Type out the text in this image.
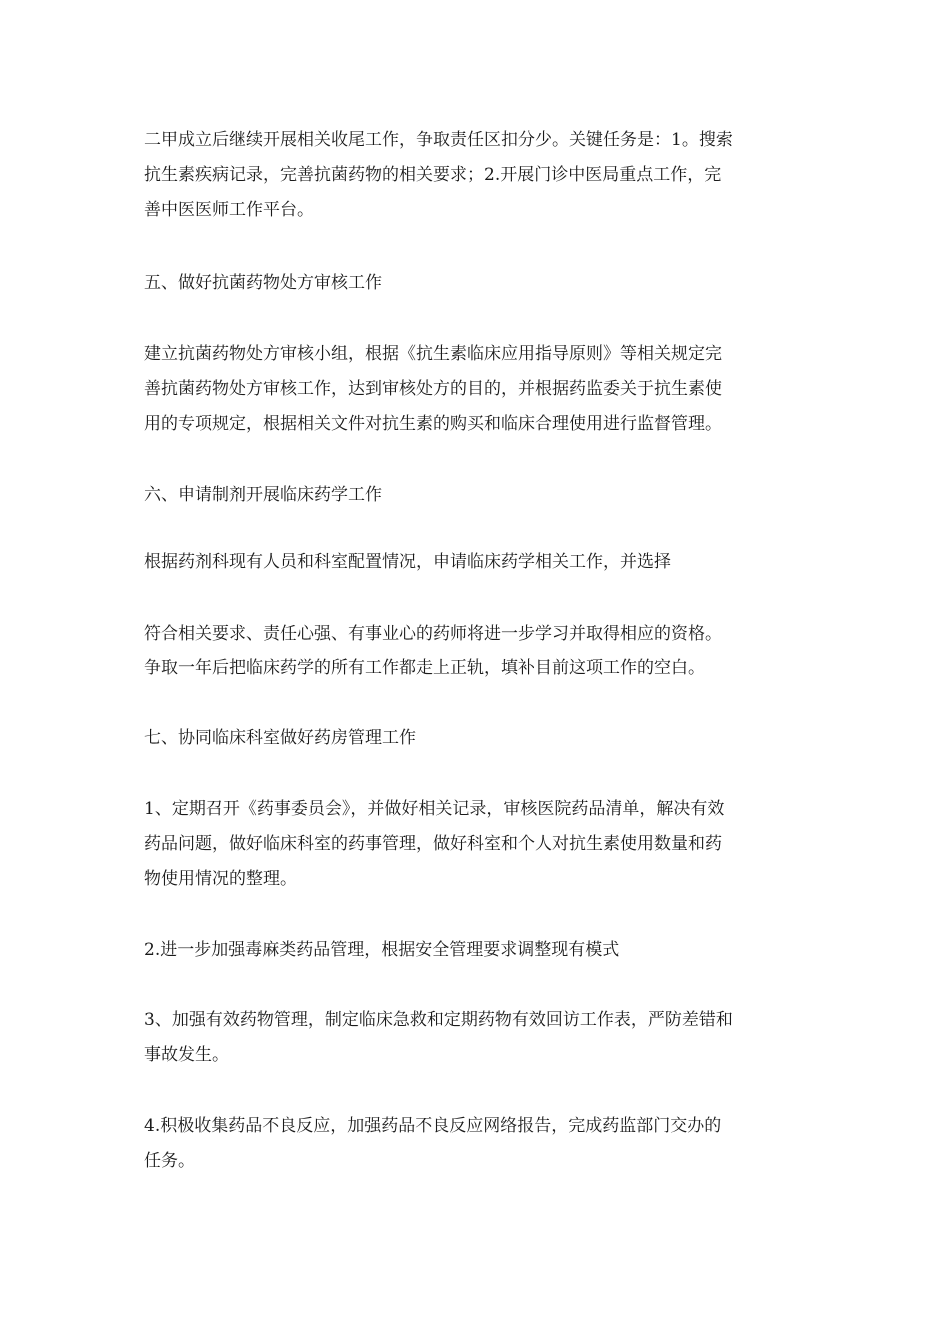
二甲成立后继续开展相关收尾工作，争取责任区扣分少。关键任务是：1。搜索
抗生素疾病记录，完善抗菌药物的相关要求；2.开展门诊中医局重点工作，完
善中医医师工作平台。
五、做好抗菌药物处方审核工作
建立抗菌药物处方审核小组，根据《抗生素临床应用指导原则》等相关规定完
善抗菌药物处方审核工作，达到审核处方的目的，并根据药监委关于抗生素使
用的专项规定，根据相关文件对抗生素的购买和临床合理使用进行监督管理。
六、申请制剂开展临床药学工作
根据药剂科现有人员和科室配置情况，申请临床药学相关工作，并选择
符合相关要求、责任心强、有事业心的药师将进一步学习并取得相应的资格。
争取一年后把临床药学的所有工作都走上正轨，填补目前这项工作的空白。
七、协同临床科室做好药房管理工作
1、定期召开《药事委员会》，并做好相关记录，审核医院药品清单，解决有效
药品问题，做好临床科室的药事管理，做好科室和个人对抗生素使用数量和药
物使用情况的整理。
2.进一步加强毒麻类药品管理，根据安全管理要求调整现有模式
3、加强有效药物管理，制定临床急救和定期药物有效回访工作表，严防差错和
事故发生。
4.积极收集药品不良反应，加强药品不良反应网络报告，完成药监部门交办的
任务。
